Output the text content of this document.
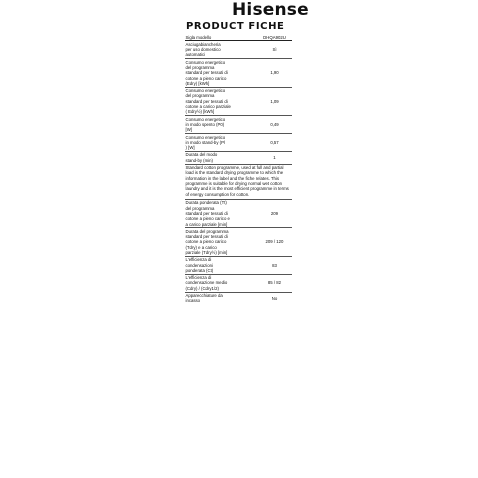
Hisense
PRODUCT FICHE
Sigla modello	DHQA902U
Asciugabiancheria per uso domestico automatici	Sì

Consumo energetico del programma standard per tessuti di cotone a pieno carico (Edry) [kWh]	1,90

Consumo energetico del programma standard per tessuti di cotone a carico parziale ( Edry½) [kWh]	1,09

Consumo energetico in modo spento (P0) [W]	0,49

Consumo energetico in modo stand-by (Pl ) [W]	0,57

Durata del modo stand-by (min)	1
Standard cotton programme, used at full and partial load is the standard drying programme to which the information in the label and the fiche relates. This programme is suitable for drying normal wet cotton laundry and it is the most efficient programme in terms of energy consumption for cotton.
Durata ponderata (Tt) del programma standard per tessuti di cotone a pieno carico e a carico parziale [min]	209

Durata del programma standard per tessuti di cotone a pieno carico (Tdry) e a carico parziale (Tdry½) [min]	209 / 120

L'efficienza di condensazioni ponderata (Ct)	83

L'efficienza di condensazione medio (Cdry) / (Cdry1/2)	85 / 82

Apparecchiature da incasso	No
